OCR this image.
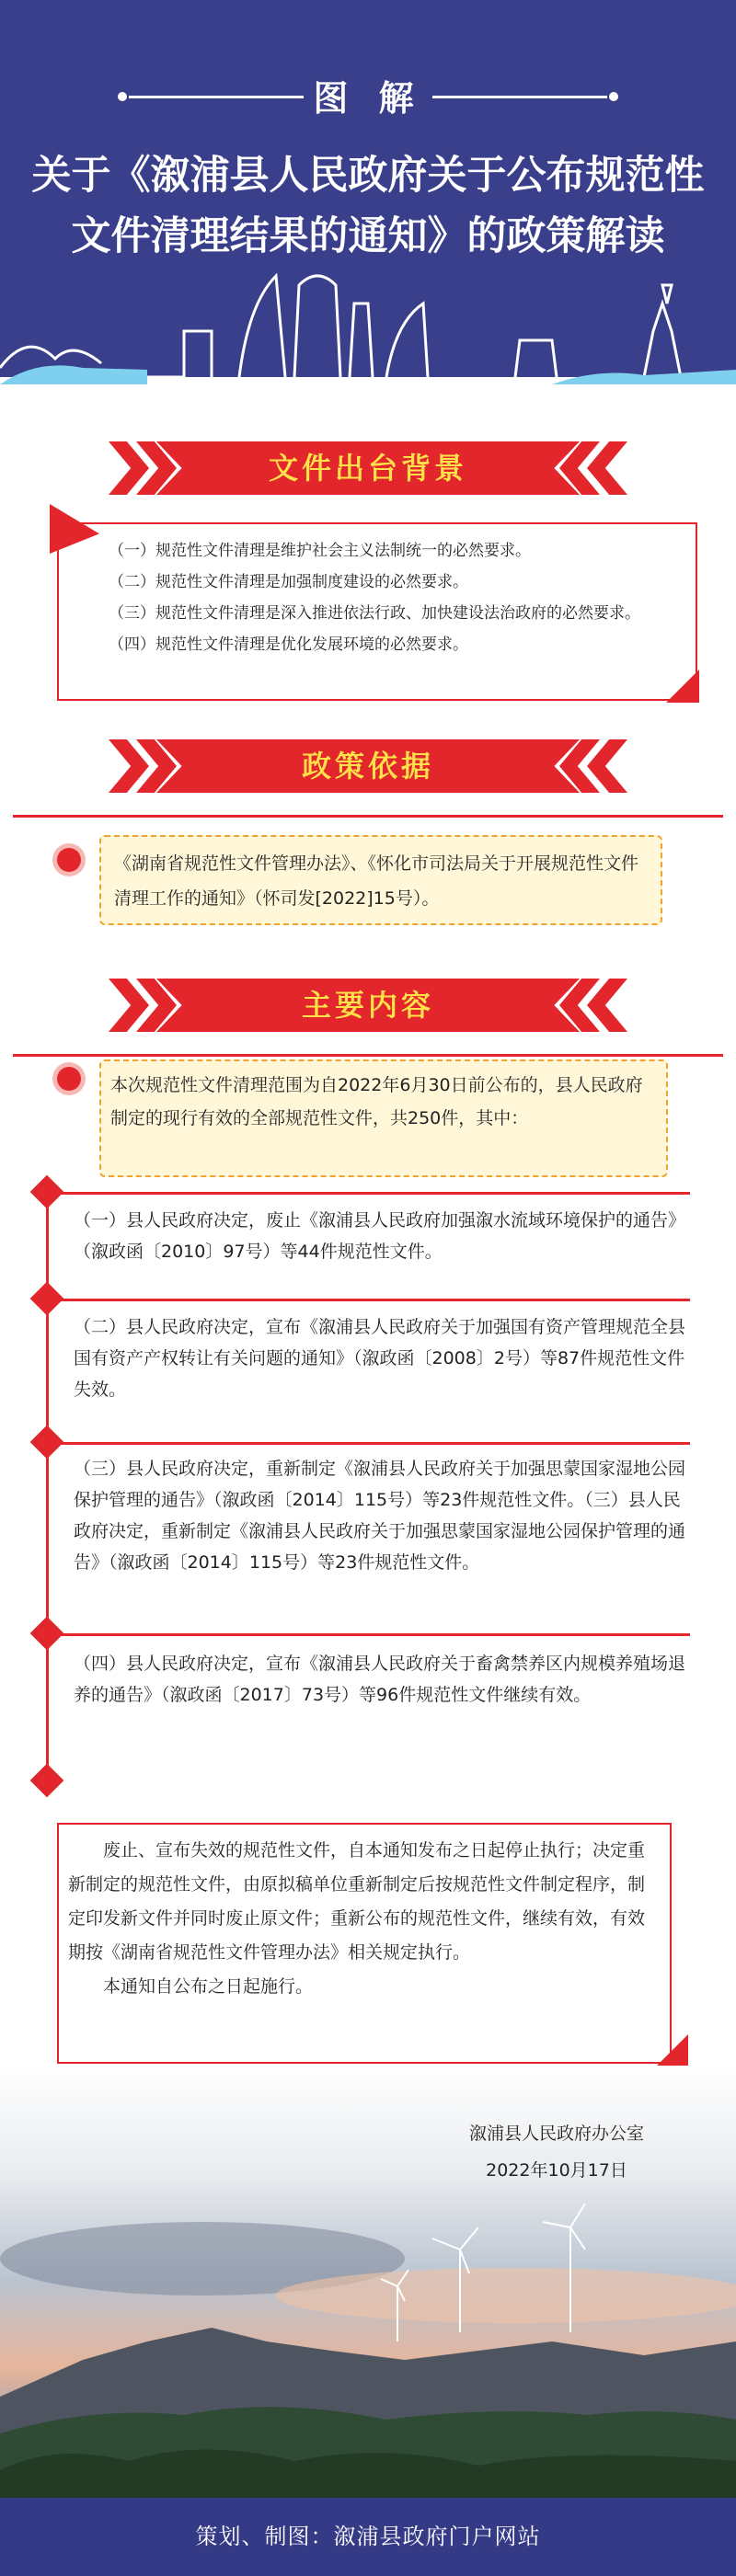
图 解
关于《溆浦县人民政府关于公布规范性
文件清理结果的通知》的政策解读
文件出台背景

（一）规范性文件清理是维护社会主义法制统一的必然要求。

（二）规范性文件清理是加强制度建设的必然要求。

（三）规范性文件清理是深入推进依法行政、加快建设法治政府的必然要求。

（四）规范性文件清理是优化发展环境的必然要求。

政策依据
《湖南省规范性文件管理办法》、《怀化市司法局关于开展规范性文件清理工作的通知》（怀司发[2022]15号）。
主要内容
本次规范性文件清理范围为自2022年6月30日前公布的，县人民政府制定的现行有效的全部规范性文件，共250件，其中：
（一）县人民政府决定，废止《溆浦县人民政府加强溆水流域环境保护的通告》（溆政函〔2010〕97号）等44件规范性文件。
（二）县人民政府决定，宣布《溆浦县人民政府关于加强国有资产管理规范全县国有资产产权转让有关问题的通知》（溆政函〔2008〕2号）等87件规范性文件失效。
（三）县人民政府决定，重新制定《溆浦县人民政府关于加强思蒙国家湿地公园保护管理的通告》（溆政函〔2014〕115号）等23件规范性文件。（三）县人民政府决定，重新制定《溆浦县人民政府关于加强思蒙国家湿地公园保护管理的通告》（溆政函〔2014〕115号）等23件规范性文件。
（四）县人民政府决定，宣布《溆浦县人民政府关于畜禽禁养区内规模养殖场退养的通告》（溆政函〔2017〕73号）等96件规范性文件继续有效。

废止、宣布失效的规范性文件，自本通知发布之日起停止执行；决定重新制定的规范性文件，由原拟稿单位重新制定后按规范性文件制定程序，制定印发新文件并同时废止原文件；重新公布的规范性文件，继续有效，有效期按《湖南省规范性文件管理办法》相关规定执行。

本通知自公布之日起施行。

溆浦县人民政府办公室
2022年10月17日
策划、制图：溆浦县政府门户网站
